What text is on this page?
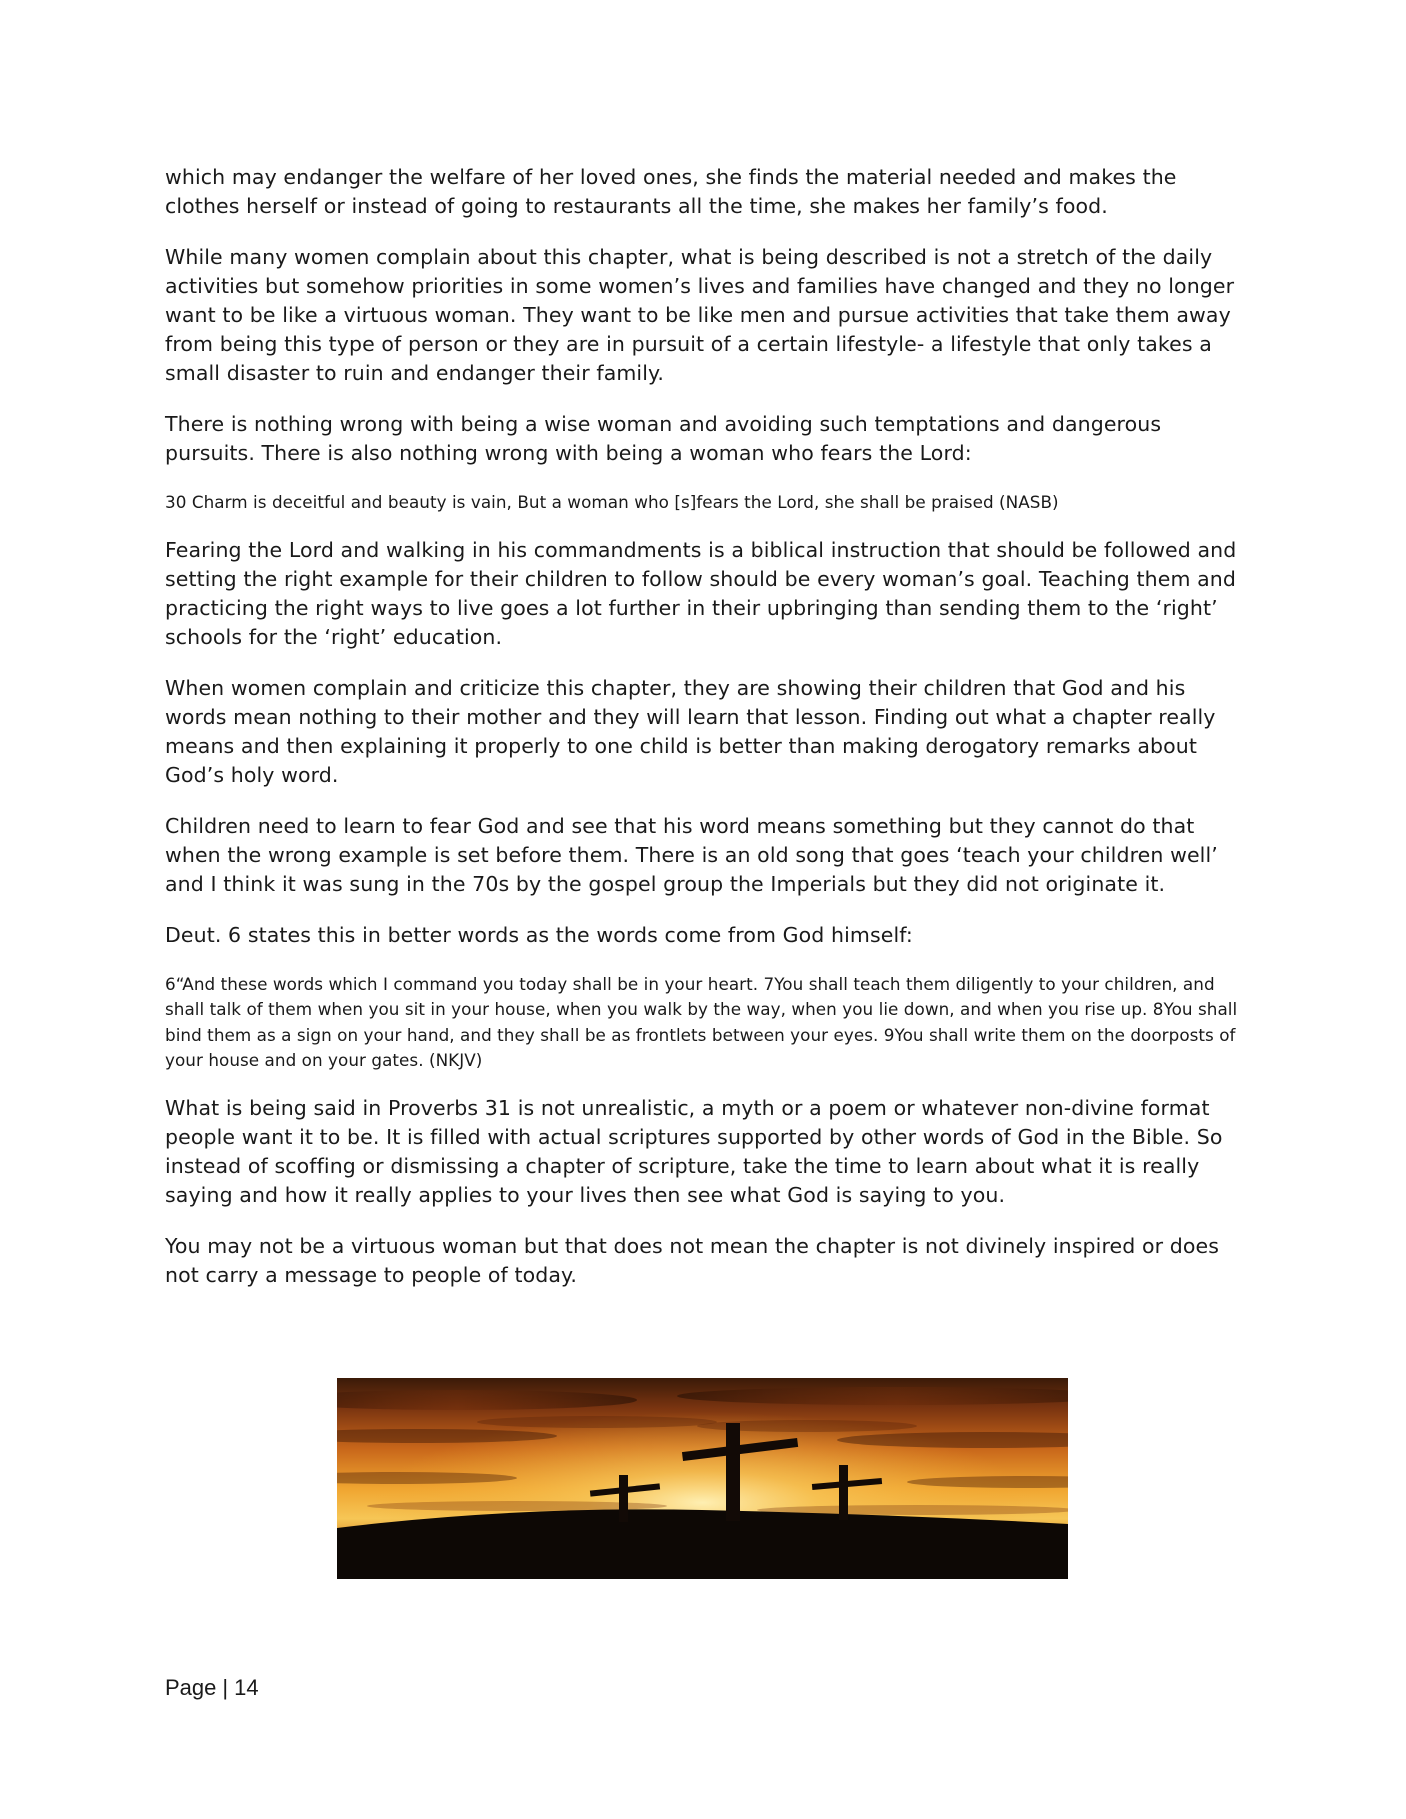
which may endanger the welfare of her loved ones, she finds the material needed and makes the clothes herself or instead of going to restaurants all the time, she makes her family’s food.

While many women complain about this chapter, what is being described is not a stretch of the daily activities but somehow priorities in some women’s lives and families have changed and they no longer want to be like a virtuous woman. They want to be like men and pursue activities that take them away from being this type of person or they are in pursuit of a certain lifestyle- a lifestyle that only takes a small disaster to ruin and endanger their family.

There is nothing wrong with being a wise woman and avoiding such temptations and dangerous pursuits. There is also nothing wrong with being a woman who fears the Lord:

30 Charm is deceitful and beauty is vain, But a woman who [s]fears the Lord, she shall be praised (NASB)

Fearing the Lord and walking in his commandments is a biblical instruction that should be followed and setting the right example for their children to follow should be every woman’s goal. Teaching them and practicing the right ways to live goes a lot further in their upbringing than sending them to the ‘right’ schools for the ‘right’ education.

When women complain and criticize this chapter, they are showing their children that God and his words mean nothing to their mother and they will learn that lesson. Finding out what a chapter really means and then explaining it properly to one child is better than making derogatory remarks about God’s holy word.

Children need to learn to fear God and see that his word means something but they cannot do that when the wrong example is set before them. There is an old song that goes ‘teach your children well’ and I think it was sung in the 70s by the gospel group the Imperials but they did not originate it.

Deut. 6 states this in better words as the words come from God himself:

6“And these words which I command you today shall be in your heart. 7You shall teach them diligently to your children, and shall talk of them when you sit in your house, when you walk by the way, when you lie down, and when you rise up. 8You shall bind them as a sign on your hand, and they shall be as frontlets between your eyes. 9You shall write them on the doorposts of your house and on your gates. (NKJV)

What is being said in Proverbs 31 is not unrealistic, a myth or a poem or whatever non-divine format people want it to be. It is filled with actual scriptures supported by other words of God in the Bible. So instead of scoffing or dismissing a chapter of scripture, take the time to learn about what it is really saying and how it really applies to your lives then see what God is saying to you.

You may not be a virtuous woman but that does not mean the chapter is not divinely inspired or does not carry a message to people of today.

Page | 14
